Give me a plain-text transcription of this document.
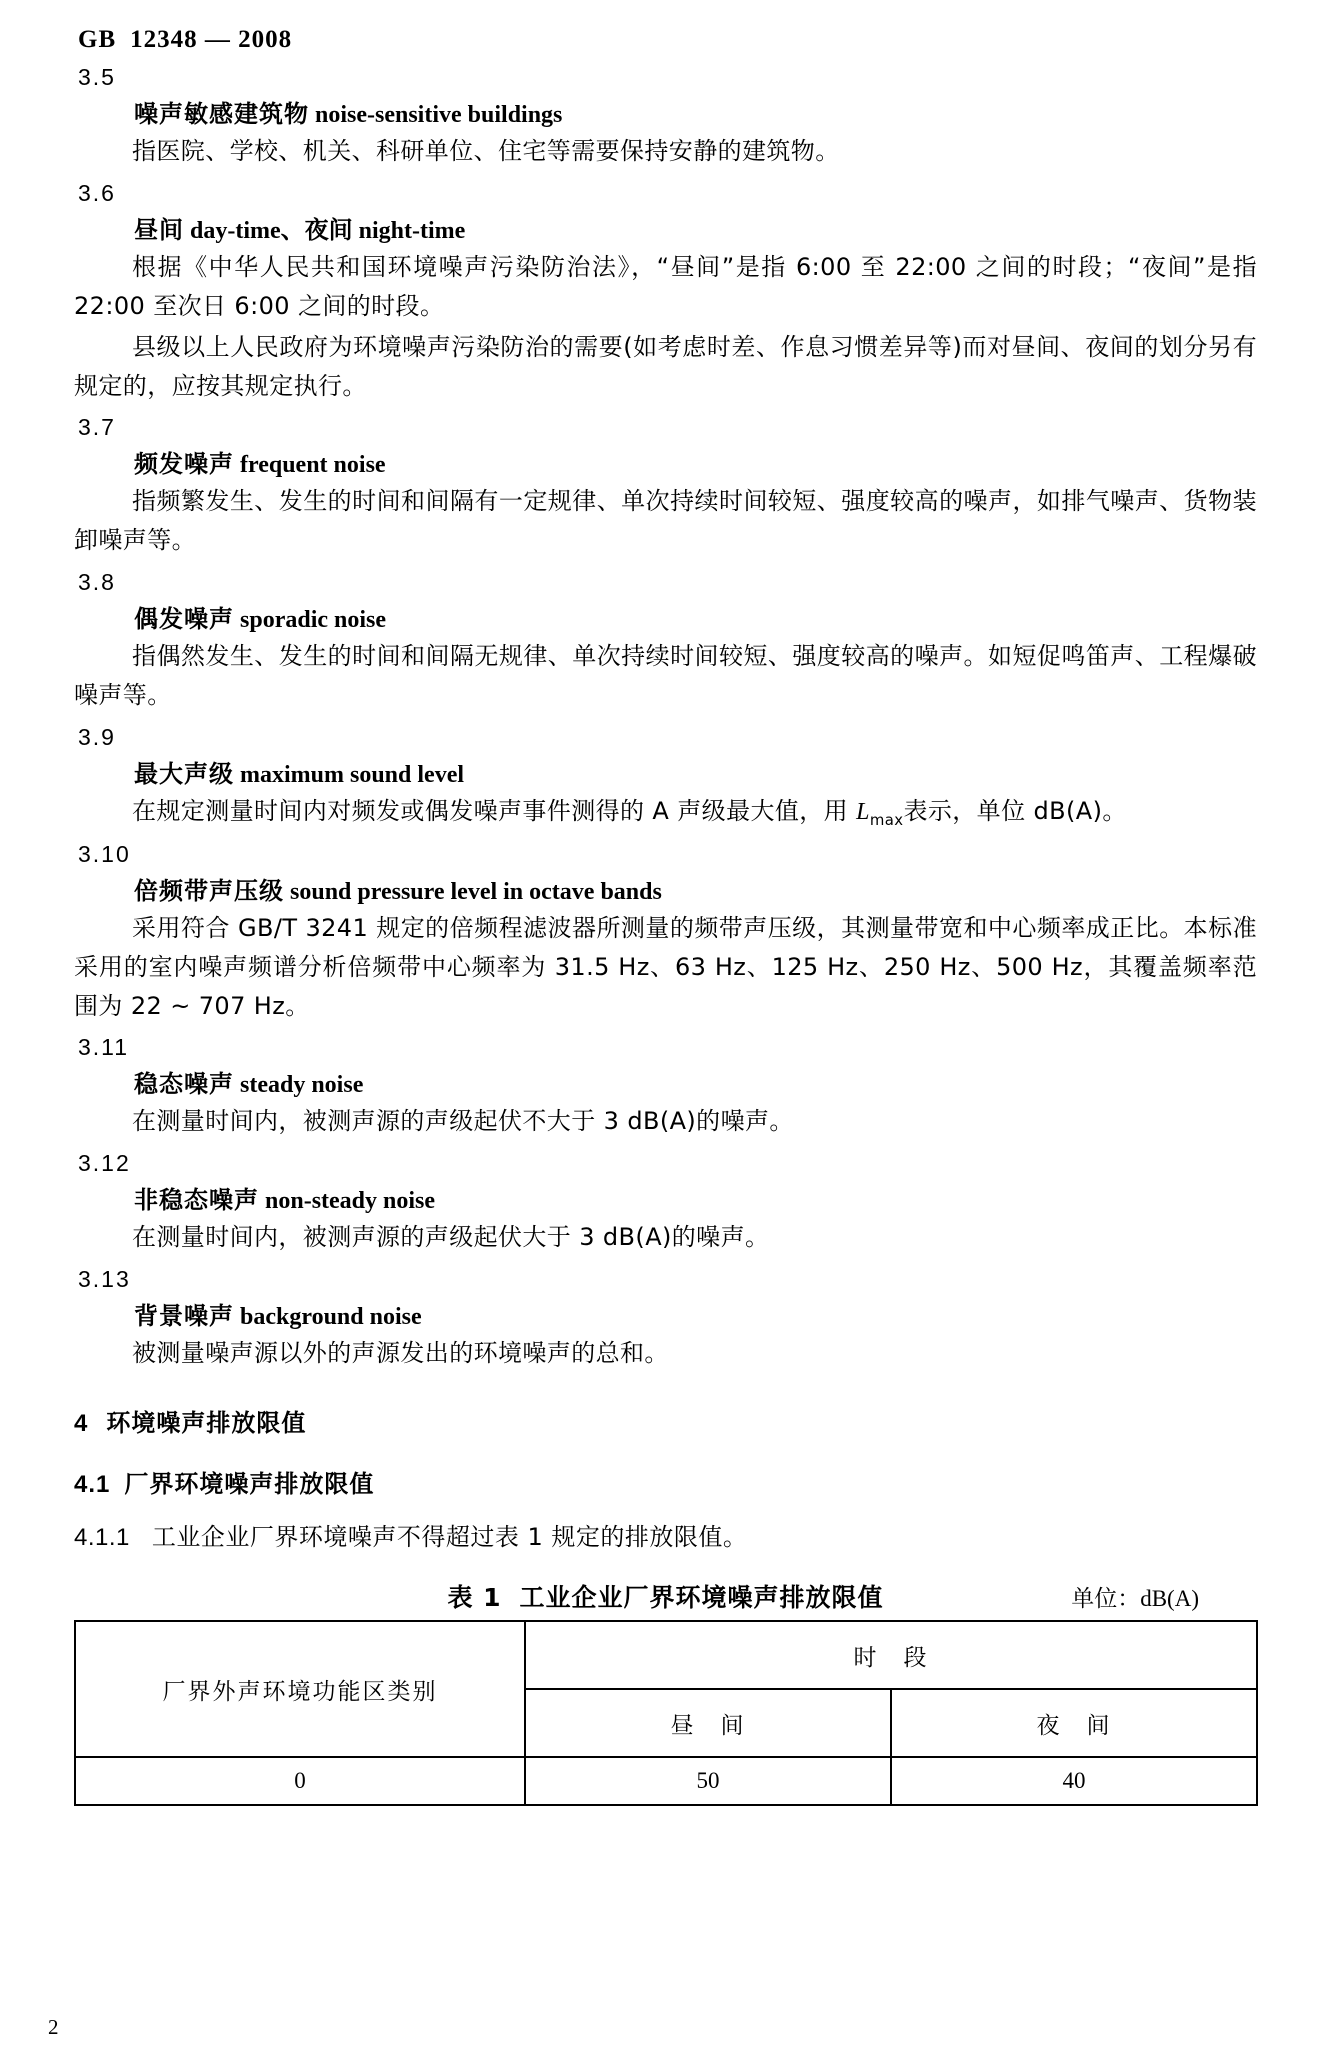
GB 12348 — 2008
3.5
噪声敏感建筑物 noise-sensitive buildings
指医院、学校、机关、科研单位、住宅等需要保持安静的建筑物。
3.6
昼间 day-time、夜间 night-time
根据《中华人民共和国环境噪声污染防治法》，“昼间”是指 6:00 至 22:00 之间的时段；“夜间”是指 22:00 至次日 6:00 之间的时段。
县级以上人民政府为环境噪声污染防治的需要(如考虑时差、作息习惯差异等)而对昼间、夜间的划分另有规定的，应按其规定执行。
3.7
频发噪声 frequent noise
指频繁发生、发生的时间和间隔有一定规律、单次持续时间较短、强度较高的噪声，如排气噪声、货物装卸噪声等。
3.8
偶发噪声 sporadic noise
指偶然发生、发生的时间和间隔无规律、单次持续时间较短、强度较高的噪声。如短促鸣笛声、工程爆破噪声等。
3.9
最大声级 maximum sound level
在规定测量时间内对频发或偶发噪声事件测得的 A 声级最大值，用 $L_{max}$表示，单位 dB(A)。
3.10
倍频带声压级 sound pressure level in octave bands
采用符合 GB/T 3241 规定的倍频程滤波器所测量的频带声压级，其测量带宽和中心频率成正比。本标准采用的室内噪声频谱分析倍频带中心频率为 31.5 Hz、63 Hz、125 Hz、250 Hz、500 Hz，其覆盖频率范围为 22 ~ 707 Hz。
3.11
稳态噪声 steady noise
在测量时间内，被测声源的声级起伏不大于 3 dB(A)的噪声。
3.12
非稳态噪声 non-steady noise
在测量时间内，被测声源的声级起伏大于 3 dB(A)的噪声。
3.13
背景噪声 background noise
被测量噪声源以外的声源发出的环境噪声的总和。
4 环境噪声排放限值
4.1 厂界环境噪声排放限值
4.1.1 工业企业厂界环境噪声不得超过表 1 规定的排放限值。
表 1 工业企业厂界环境噪声排放限值	单位：dB(A)
厂界外声环境功能区类别	时　段	
	昼　间	夜　间
0	50	40
2
